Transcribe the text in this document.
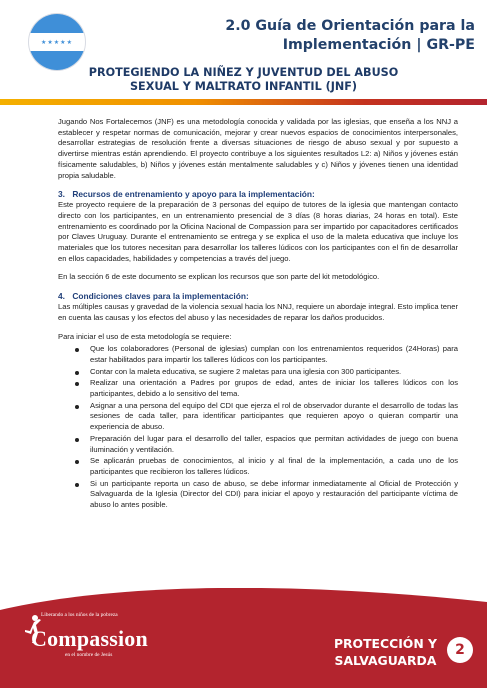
★★★★★
2.0 Guía de Orientación para la
Implementación | GR-PE
PROTEGIENDO LA NIÑEZ Y JUVENTUD DEL ABUSO
SEXUAL Y MALTRATO INFANTIL (JNF)

Jugando Nos Fortalecemos (JNF) es una metodología conocida y validada por las iglesias, que enseña a los NNJ a establecer y respetar normas de comunicación, mejorar y crear nuevos espacios de conocimientos interpersonales, desarrollar estrategias de resolución frente a diversas situaciones de riesgo de abuso sexual y por supuesto a divertirse mientras están aprendiendo. El proyecto contribuye a los siguientes resultados L2: a) Niños y jóvenes están físicamente saludables, b) Niños y jóvenes están mentalmente saludables y c) Niños y jóvenes tienen una identidad propia saludable.

3. Recursos de entrenamiento y apoyo para la implementación:

Este proyecto requiere de la preparación de 3 personas del equipo de tutores de la iglesia que mantengan contacto directo con los participantes, en un entrenamiento presencial de 3 días (8 horas diarias, 24 horas en total). Este entrenamiento es coordinado por la Oficina Nacional de Compassion para ser impartido por capacitadores certificados por Claves Uruguay. Durante el entrenamiento se entrega y se explica el uso de la maleta educativa que incluye los materiales que los tutores necesitan para desarrollar los talleres lúdicos con los participantes con el fin de desarrollar en ellos capacidades, habilidades y competencias a través del juego.

En la sección 6 de este documento se explican los recursos que son parte del kit metodológico.

4. Condiciones claves para la implementación:

Las múltiples causas y gravedad de la violencia sexual hacia los NNJ, requiere un abordaje integral. Esto implica tener en cuenta las causas y los efectos del abuso y las necesidades de reparar los daños producidos.

Para iniciar el uso de esta metodología se requiere:

Que los colaboradores (Personal de iglesias) cumplan con los entrenamientos requeridos (24Horas) para estar habilitados para impartir los talleres lúdicos con los participantes.
Contar con la maleta educativa, se sugiere 2 maletas para una iglesia con 300 participantes.
Realizar una orientación a Padres por grupos de edad, antes de iniciar los talleres lúdicos con los participantes, debido a lo sensitivo del tema.
Asignar a una persona del equipo del CDI que ejerza el rol de observador durante el desarrollo de todas las sesiones de cada taller, para identificar participantes que requieren apoyo o quieran compartir una experiencia de abuso.
Preparación del lugar para el desarrollo del taller, espacios que permitan actividades de juego con buena iluminación y ventilación.
Se aplicarán pruebas de conocimientos, al inicio y al final de la implementación, a cada uno de los participantes que recibieron los talleres lúdicos.
Si un participante reporta un caso de abuso, se debe informar inmediatamente al Oficial de Protección y Salvaguarda de la Iglesia (Director del CDI) para iniciar el apoyo y restauración del participante víctima de abuso lo antes posible.
Liberando a los niños de la pobreza
Compassion
en el nombre de Jesús
PROTECCIÓN Y
SALVAGUARDA
2
